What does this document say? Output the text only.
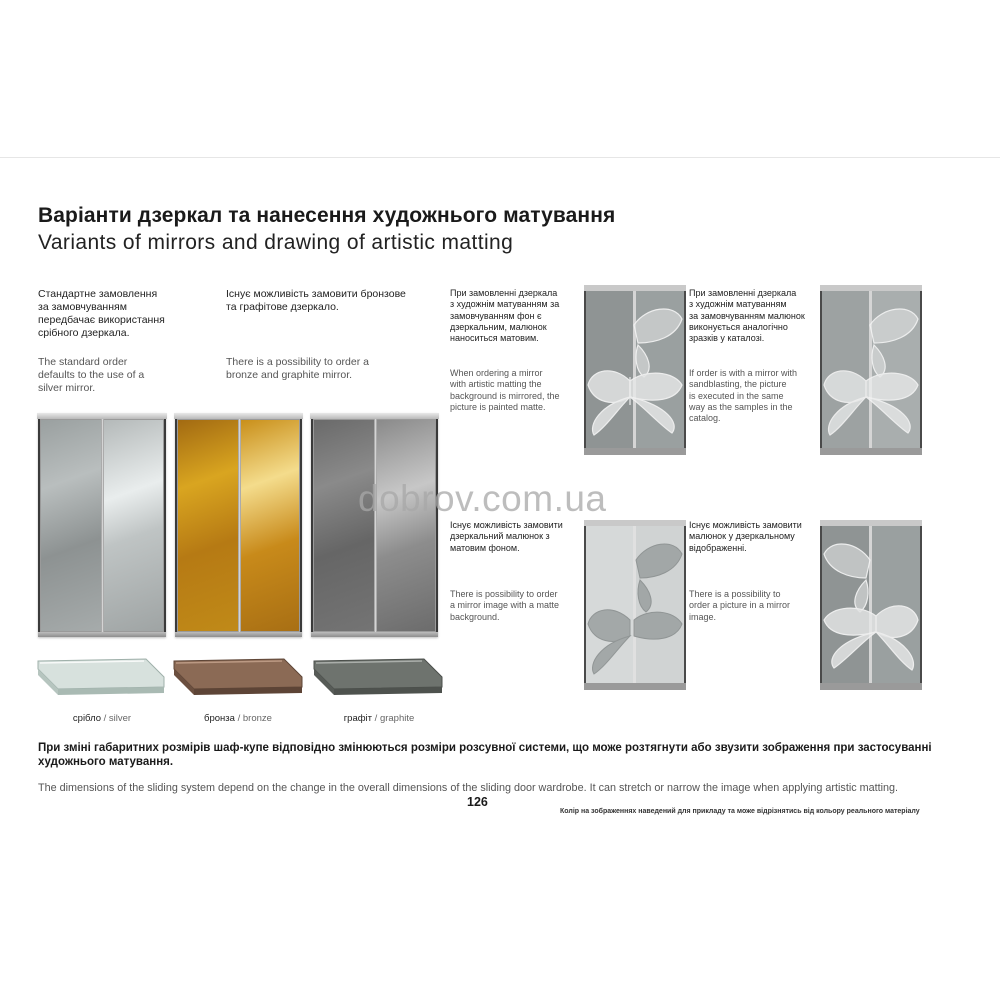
Варіанти дзеркал та нанесення художнього матування
Variants of mirrors and drawing of artistic matting
Стандартне замовлення
за замовчуванням
передбачає використання
срібного дзеркала.
The standard order
defaults to the use of a
silver mirror.
Існує можливість замовити бронзове
та графітове дзеркало.
There is a possibility to order a
bronze and graphite mirror.
срібло / silver	бронза / bronze	графіт / graphite
При замовленні дзеркала
з художнім матуванням за
замовчуванням фон є
дзеркальним, малюнок
наноситься матовим.
When ordering a mirror
with artistic matting the
background is mirrored, the
picture is painted matte.
При замовленні дзеркала
з художнім матуванням
за замовчуванням малюнок
виконується аналогічно
зразків у каталозі.
If order is with a mirror with
sandblasting, the picture
is executed in the same
way as the samples in the
catalog.
Існує можливість замовити
дзеркальний малюнок з
матовим фоном.
There is possibility to order
a mirror image with a matte
background.
Існує можливість замовити
малюнок у дзеркальному
відображенні.
There is a possibility to
order a picture in a mirror
image.
dobrov.com.ua
При зміні габаритних розмірів шаф-купе відповідно змінюються розміри розсувної системи, що може розтягнути або звузити зображення при застосуванні художнього матування.
The dimensions of the sliding system depend on the change in the overall dimensions of the sliding door wardrobe. It can stretch or narrow the image when applying artistic matting.
126
Колір на зображеннях наведений для прикладу та може відрізнятись від кольору реального матеріалу
